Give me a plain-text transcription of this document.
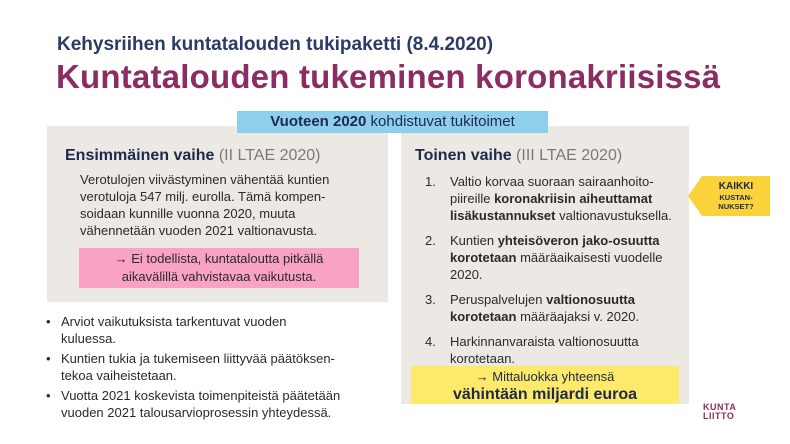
Kehysriihen kuntatalouden tukipaketti (8.4.2020)
Kuntatalouden tukeminen koronakriisissä
Ensimmäinen vaihe (II LTAE 2020)
Verotulojen viivästyminen vähentää kuntien
verotuloja 547 milj. eurolla. Tämä kompen-
soidaan kunnille vuonna 2020, muuta
vähennetään vuoden 2021 valtionavusta.
→ Ei todellista, kuntataloutta pitkällä
aikavälillä vahvistavaa vaikutusta.
• Arviot vaikutuksista tarkentuvat vuoden
kuluessa.
• Kuntien tukia ja tukemiseen liittyvää päätöksen-
tekoa vaiheistetaan.
• Vuotta 2021 koskevista toimenpiteistä päätetään
vuoden 2021 talousarvioprosessin yhteydessä.
Toinen vaihe (III LTAE 2020)
1. Valtio korvaa suoraan sairaanhoito-
piireille koronakriisin aiheuttamat
lisäkustannukset valtionavustuksella.
2. Kuntien yhteisöveron jako-osuutta
korotetaan määräaikaisesti vuodelle
2020.
3. Peruspalvelujen valtionosuutta
korotetaan määräajaksi v. 2020.
4. Harkinnanvaraista valtionosuutta
korotetaan.
Vuoteen 2020 kohdistuvat tukitoimet
→ Mittaluokka yhteensä
vähintään miljardi euroa
KAIKKI
KUSTAN-
NUKSET?
KUNTA
LIITTO
